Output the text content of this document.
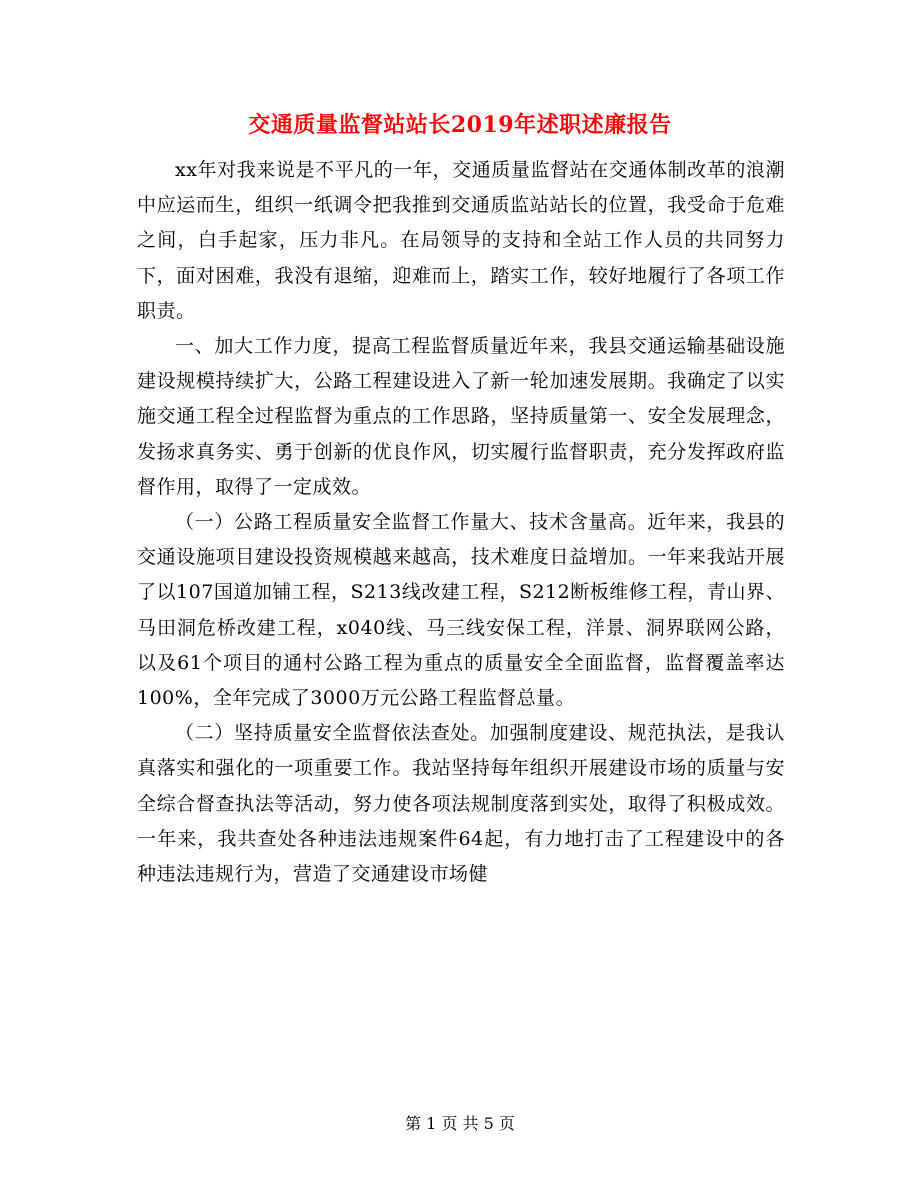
交通质量监督站站长2019年述职述廉报告

xx年对我来说是不平凡的一年，交通质量监督站在交通体制改革的浪潮中应运而生，组织一纸调令把我推到交通质监站站长的位置，我受命于危难之间，白手起家，压力非凡。在局领导的支持和全站工作人员的共同努力下，面对困难，我没有退缩，迎难而上，踏实工作，较好地履行了各项工作职责。

一、加大工作力度，提高工程监督质量近年来，我县交通运输基础设施建设规模持续扩大，公路工程建设进入了新一轮加速发展期。我确定了以实施交通工程全过程监督为重点的工作思路，坚持质量第一、安全发展理念，发扬求真务实、勇于创新的优良作风，切实履行监督职责，充分发挥政府监督作用，取得了一定成效。

（一）公路工程质量安全监督工作量大、技术含量高。近年来，我县的交通设施项目建设投资规模越来越高，技术难度日益增加。一年来我站开展了以107国道加铺工程，S213线改建工程，S212断板维修工程，青山界、马田洞危桥改建工程，x040线、马三线安保工程，洋景、洞界联网公路，以及61个项目的通村公路工程为重点的质量安全全面监督，监督覆盖率达100%，全年完成了3000万元公路工程监督总量。

（二）坚持质量安全监督依法查处。加强制度建设、规范执法，是我认真落实和强化的一项重要工作。我站坚持每年组织开展建设市场的质量与安全综合督查执法等活动，努力使各项法规制度落到实处，取得了积极成效。一年来，我共查处各种违法违规案件64起，有力地打击了工程建设中的各种违法违规行为，营造了交通建设市场健

第 1 页 共 5 页
